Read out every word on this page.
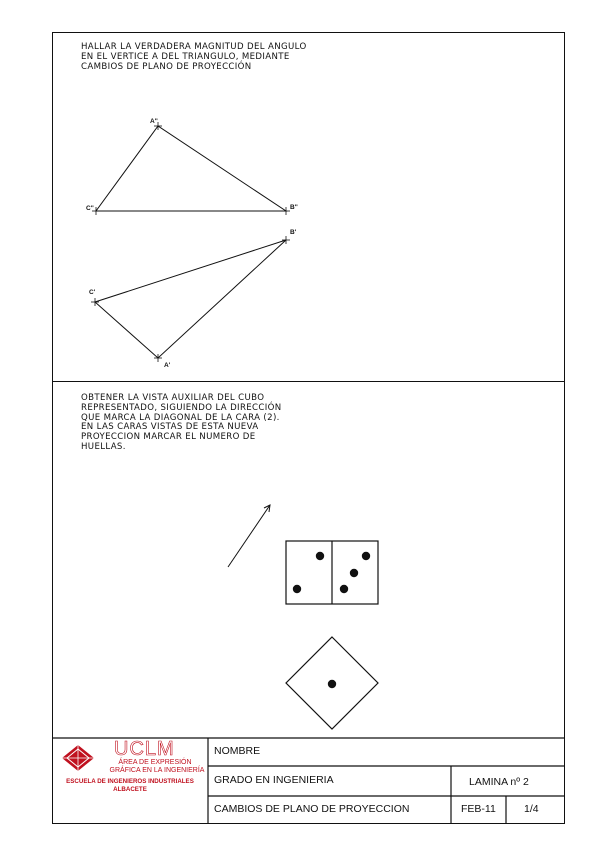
HALLAR LA VERDADERA MAGNITUD DEL ANGULO
EN EL VERTICE A DEL TRIANGULO, MEDIANTE
CAMBIOS DE PLANO DE PROYECCIÓN
OBTENER LA VISTA AUXILIAR DEL CUBO
REPRESENTADO, SIGUIENDO LA DIRECCIÓN
QUE MARCA LA DIAGONAL DE LA CARA (2).
EN LAS CARAS VISTAS DE ESTA NUEVA
PROYECCION MARCAR EL NUMERO DE
HUELLAS.
A"
B"
C"
B'
C'
A'
UCLM
ÁREA DE EXPRESIÓN
GRÁFICA EN LA INGENIERÍA
ESCUELA DE INGENIEROS INDUSTRIALES
ALBACETE
NOMBRE
GRADO EN INGENIERIA	LAMINA nº 2
CAMBIOS DE PLANO DE PROYECCION	FEB-11	1/4
